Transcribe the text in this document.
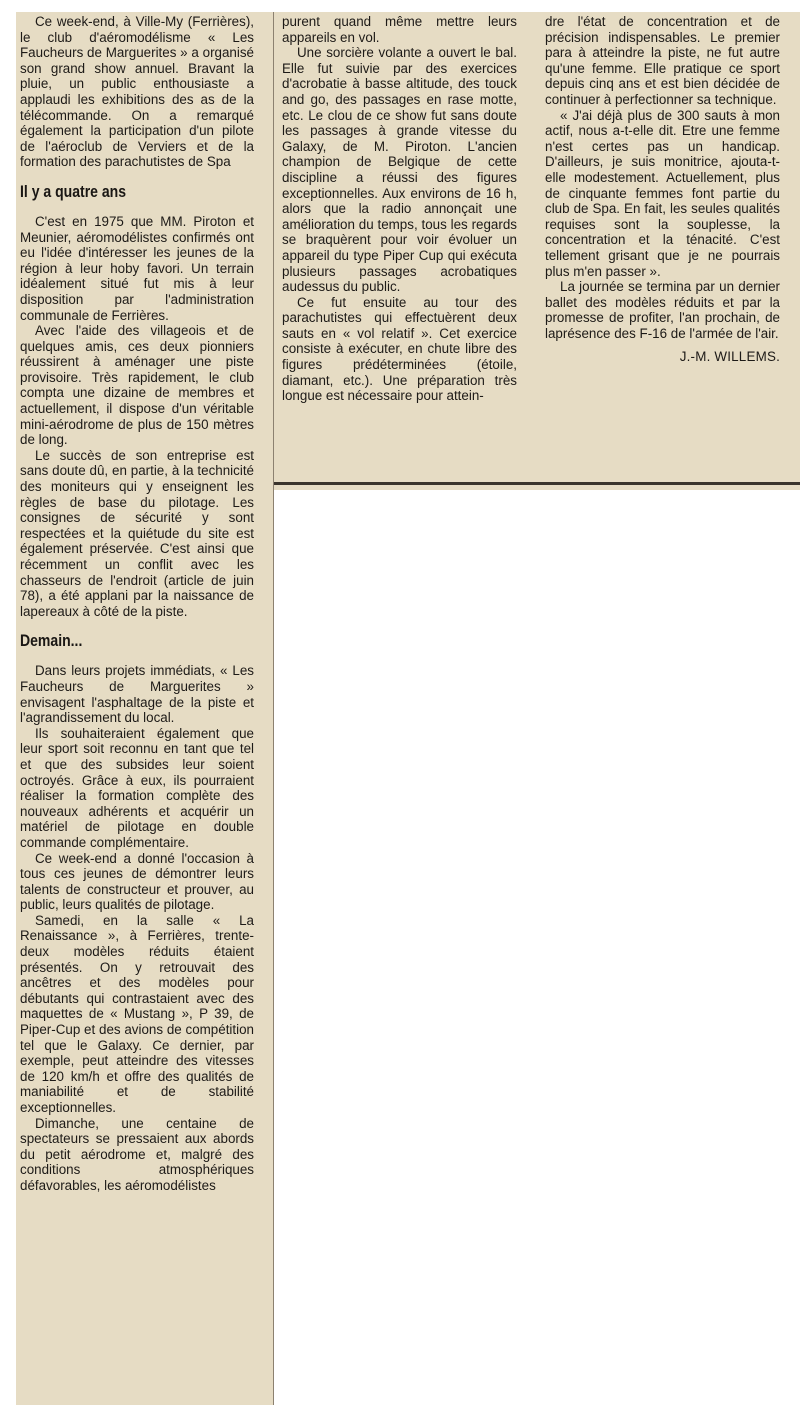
Ce week-end, à Ville-My (Ferrières), le club d'aéromodélisme « Les Faucheurs de Marguerites » a organisé son grand show annuel. Bravant la pluie, un public enthousiaste a applaudi les exhibitions des as de la télécommande. On a remarqué également la participation d'un pilote de l'aéroclub de Verviers et de la formation des parachutistes de Spa

Il y a quatre ans

C'est en 1975 que MM. Piroton et Meunier, aéromodélistes confirmés ont eu l'idée d'intéresser les jeunes de la région à leur hoby favori. Un terrain idéalement situé fut mis à leur disposition par l'administration communale de Ferrières.

Avec l'aide des villageois et de quelques amis, ces deux pionniers réussirent à aménager une piste provisoire. Très rapidement, le club compta une dizaine de membres et actuellement, il dispose d'un véritable mini-aérodrome de plus de 150 mètres de long.

Le succès de son entreprise est sans doute dû, en partie, à la technicité des moniteurs qui y enseignent les règles de base du pilotage. Les consignes de sécurité y sont respectées et la quiétude du site est également préservée. C'est ainsi que récemment un conflit avec les chasseurs de l'endroit (article de juin 78), a été applani par la naissance de lapereaux à côté de la piste.

Demain...

Dans leurs projets immédiats, « Les Faucheurs de Marguerites » envisagent l'asphaltage de la piste et l'agrandissement du local.

Ils souhaiteraient également que leur sport soit reconnu en tant que tel et que des subsides leur soient octroyés. Grâce à eux, ils pourraient réaliser la formation complète des nouveaux adhérents et acquérir un matériel de pilotage en double commande complémentaire.

Ce week-end a donné l'occasion à tous ces jeunes de démontrer leurs talents de constructeur et prouver, au public, leurs qualités de pilotage.

Samedi, en la salle « La Renaissance », à Ferrières, trente-deux modèles réduits étaient présentés. On y retrouvait des ancêtres et des modèles pour débutants qui contrastaient avec des maquettes de « Mustang », P 39, de Piper-Cup et des avions de compétition tel que le Galaxy. Ce dernier, par exemple, peut atteindre des vitesses de 120 km/h et offre des qualités de maniabilité et de stabilité exceptionnelles.

Dimanche, une centaine de spectateurs se pressaient aux abords du petit aérodrome et, malgré des conditions atmosphériques défavorables, les aéromodélistes

purent quand même mettre leurs appareils en vol.

Une sorcière volante a ouvert le bal. Elle fut suivie par des exercices d'acrobatie à basse altitude, des touck and go, des passages en rase motte, etc. Le clou de ce show fut sans doute les passages à grande vitesse du Galaxy, de M. Piroton. L'ancien champion de Belgique de cette discipline a réussi des figures exceptionnelles. Aux environs de 16 h, alors que la radio annonçait une amélioration du temps, tous les regards se braquèrent pour voir évoluer un appareil du type Piper Cup qui exécuta plusieurs passages acrobatiques audessus du public.

Ce fut ensuite au tour des parachutistes qui effectuèrent deux sauts en « vol relatif ». Cet exercice consiste à exécuter, en chute libre des figures prédéterminées (étoile, diamant, etc.). Une préparation très longue est nécessaire pour attein-

dre l'état de concentration et de précision indispensables. Le premier para à atteindre la piste, ne fut autre qu'une femme. Elle pratique ce sport depuis cinq ans et est bien décidée de continuer à perfectionner sa technique.

« J'ai déjà plus de 300 sauts à mon actif, nous a-t-elle dit. Etre une femme n'est certes pas un handicap. D'ailleurs, je suis monitrice, ajouta-t-elle modestement. Actuellement, plus de cinquante femmes font partie du club de Spa. En fait, les seules qualités requises sont la souplesse, la concentration et la ténacité. C'est tellement grisant que je ne pourrais plus m'en passer ».

La journée se termina par un dernier ballet des modèles réduits et par la promesse de profiter, l'an prochain, de laprésence des F-16 de l'armée de l'air.

J.-M. WILLEMS.
